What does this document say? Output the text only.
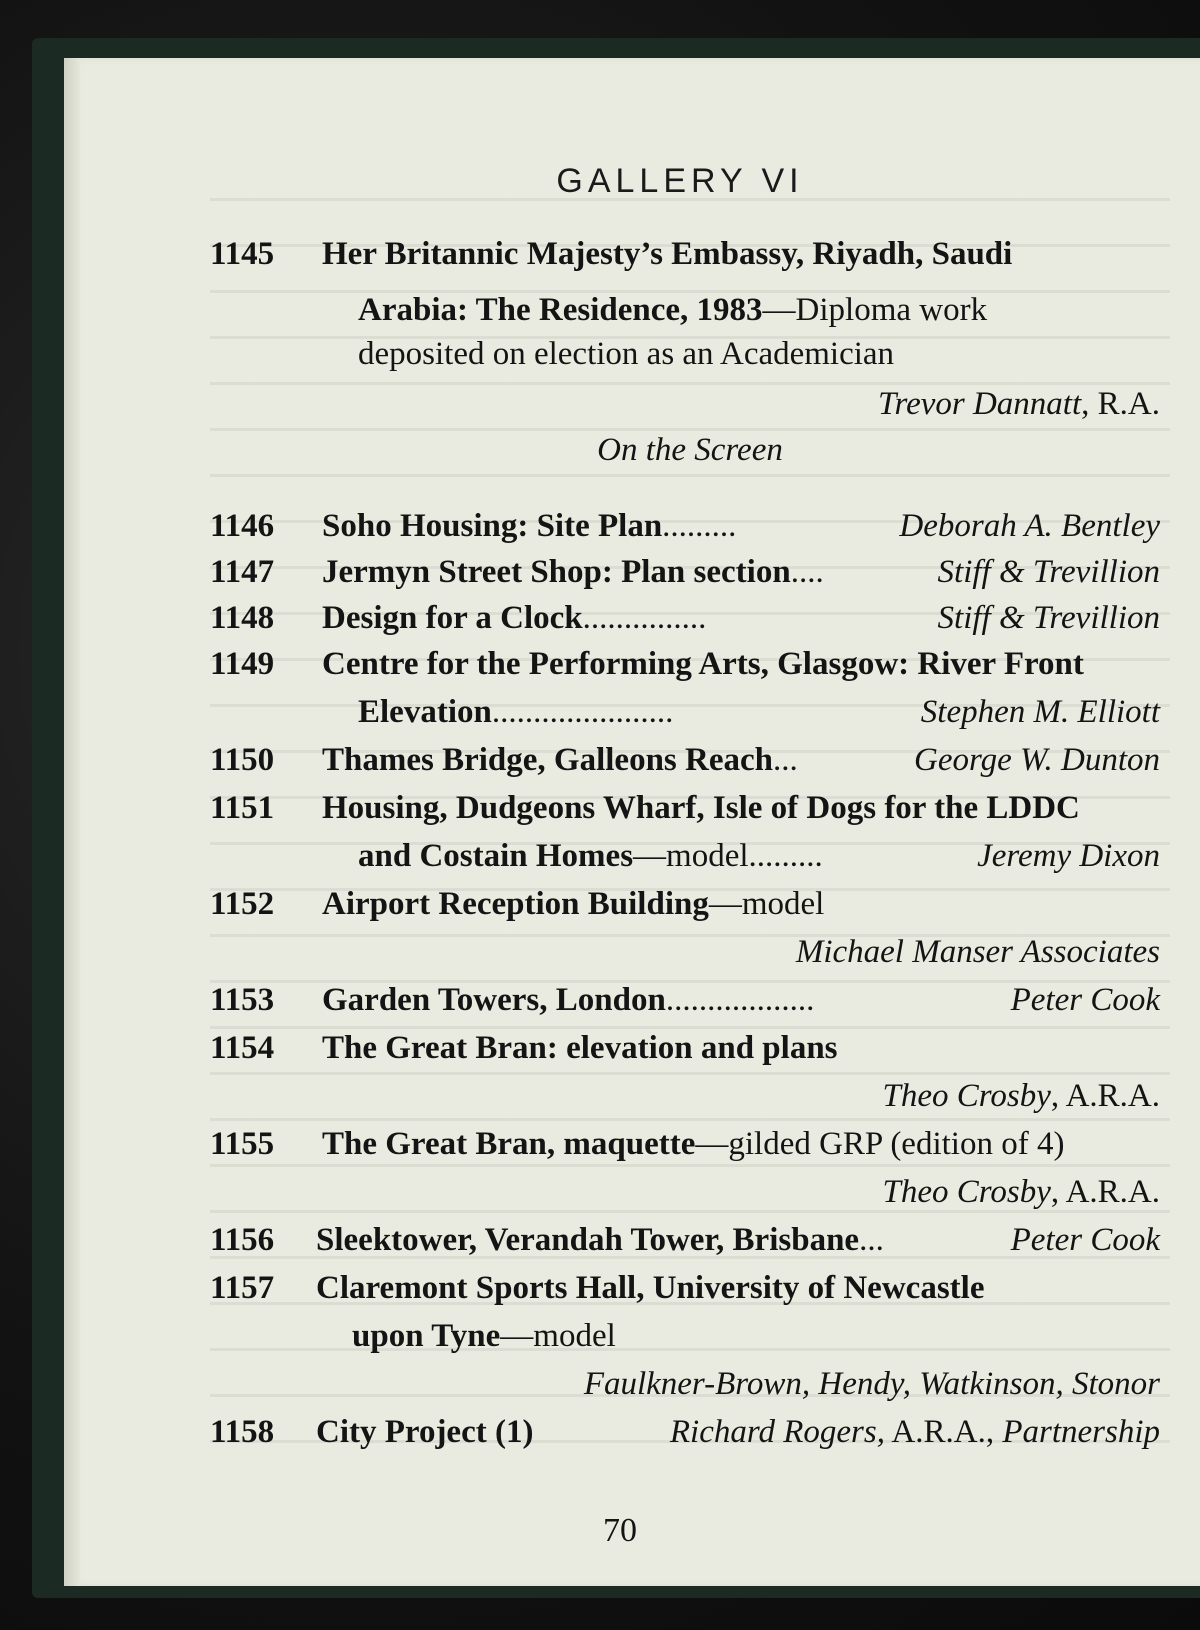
GALLERY VI
1145	Her Britannic Majesty’s Embassy, Riyadh, Saudi
Arabia: The Residence, 1983—Diploma work
deposited on election as an Academician
Trevor Dannatt, R.A.
On the Screen
1146	Soho Housing: Site Plan.........	Deborah A. Bentley
1147	Jermyn Street Shop: Plan section....	Stiff & Trevillion
1148	Design for a Clock...............	Stiff & Trevillion
1149	Centre for the Performing Arts, Glasgow: River Front
Elevation......................	Stephen M. Elliott
1150	Thames Bridge, Galleons Reach...	George W. Dunton
1151	Housing, Dudgeons Wharf, Isle of Dogs for the LDDC
and Costain Homes—model.........	Jeremy Dixon
1152	Airport Reception Building—model
Michael Manser Associates
1153	Garden Towers, London..................	Peter Cook
1154	The Great Bran: elevation and plans
Theo Crosby, A.R.A.
1155	The Great Bran, maquette—gilded GRP (edition of 4)
Theo Crosby, A.R.A.
1156	Sleektower, Verandah Tower, Brisbane...	Peter Cook
1157	Claremont Sports Hall, University of Newcastle
upon Tyne—model
Faulkner-Brown, Hendy, Watkinson, Stonor
1158	City Project (1)	Richard Rogers, A.R.A., Partnership
70
